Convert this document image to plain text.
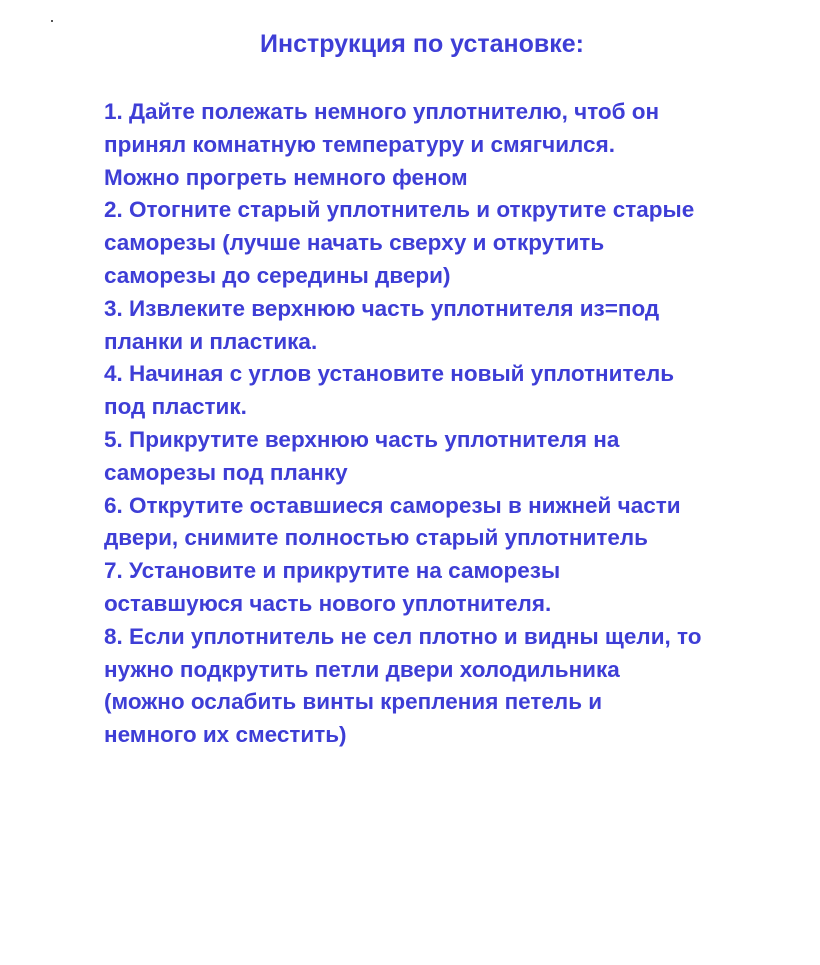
Инструкция по установке:
1. Дайте полежать немного уплотнителю, чтоб он
принял комнатную температуру и смягчился.
Можно прогреть немного феном
2. Отогните старый уплотнитель и открутите старые
саморезы (лучше начать сверху и открутить
саморезы до середины двери)
3. Извлеките верхнюю часть уплотнителя из=под
планки и пластика.
4. Начиная с углов установите новый уплотнитель
под пластик.
5. Прикрутите верхнюю часть уплотнителя на
саморезы под планку
6. Открутите оставшиеся саморезы в нижней части
двери, снимите полностью старый уплотнитель
7. Установите и прикрутите на саморезы
оставшуюся часть нового уплотнителя.
8. Если уплотнитель не сел плотно и видны щели, то
нужно подкрутить петли двери холодильника
(можно ослабить винты крепления петель и
немного их сместить)
